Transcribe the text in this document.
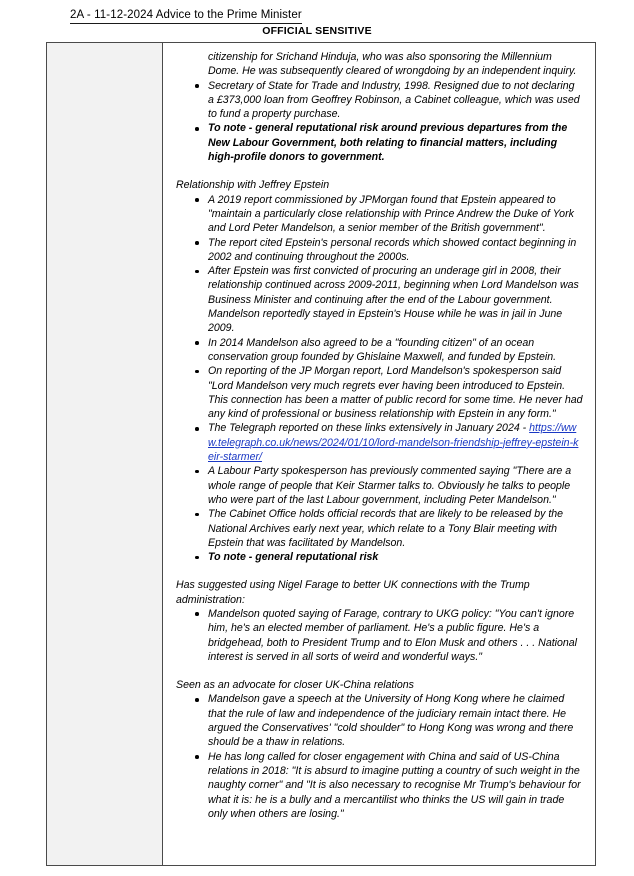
2A - 11-12-2024 Advice to the Prime Minister
OFFICIAL SENSITIVE
citizenship for Srichand Hinduja, who was also sponsoring the Millennium Dome. He was subsequently cleared of wrongdoing by an independent inquiry.
Secretary of State for Trade and Industry, 1998. Resigned due to not declaring a £373,000 loan from Geoffrey Robinson, a Cabinet colleague, which was used to fund a property purchase.
To note - general reputational risk around previous departures from the New Labour Government, both relating to financial matters, including high-profile donors to government.
Relationship with Jeffrey Epstein
A 2019 report commissioned by JPMorgan found that Epstein appeared to "maintain a particularly close relationship with Prince Andrew the Duke of York and Lord Peter Mandelson, a senior member of the British government".
The report cited Epstein's personal records which showed contact beginning in 2002 and continuing throughout the 2000s.
After Epstein was first convicted of procuring an underage girl in 2008, their relationship continued across 2009-2011, beginning when Lord Mandelson was Business Minister and continuing after the end of the Labour government. Mandelson reportedly stayed in Epstein's House while he was in jail in June 2009.
In 2014 Mandelson also agreed to be a "founding citizen" of an ocean conservation group founded by Ghislaine Maxwell, and funded by Epstein.
On reporting of the JP Morgan report, Lord Mandelson's spokesperson said "Lord Mandelson very much regrets ever having been introduced to Epstein. This connection has been a matter of public record for some time. He never had any kind of professional or business relationship with Epstein in any form."
The Telegraph reported on these links extensively in January 2024 - https://www.telegraph.co.uk/news/2024/01/10/lord-mandelson-friendship-jeffrey-epstein-keir-starmer/
A Labour Party spokesperson has previously commented saying "There are a whole range of people that Keir Starmer talks to. Obviously he talks to people who were part of the last Labour government, including Peter Mandelson."
The Cabinet Office holds official records that are likely to be released by the National Archives early next year, which relate to a Tony Blair meeting with Epstein that was facilitated by Mandelson.
To note - general reputational risk
Has suggested using Nigel Farage to better UK connections with the Trump administration:
Mandelson quoted saying of Farage, contrary to UKG policy: "You can't ignore him, he's an elected member of parliament. He's a public figure. He's a bridgehead, both to President Trump and to Elon Musk and others . . . National interest is served in all sorts of weird and wonderful ways."
Seen as an advocate for closer UK-China relations
Mandelson gave a speech at the University of Hong Kong where he claimed that the rule of law and independence of the judiciary remain intact there. He argued the Conservatives' "cold shoulder" to Hong Kong was wrong and there should be a thaw in relations.
He has long called for closer engagement with China and said of US-China relations in 2018: "It is absurd to imagine putting a country of such weight in the naughty corner" and "It is also necessary to recognise Mr Trump's behaviour for what it is: he is a bully and a mercantilist who thinks the US will gain in trade only when others are losing."
